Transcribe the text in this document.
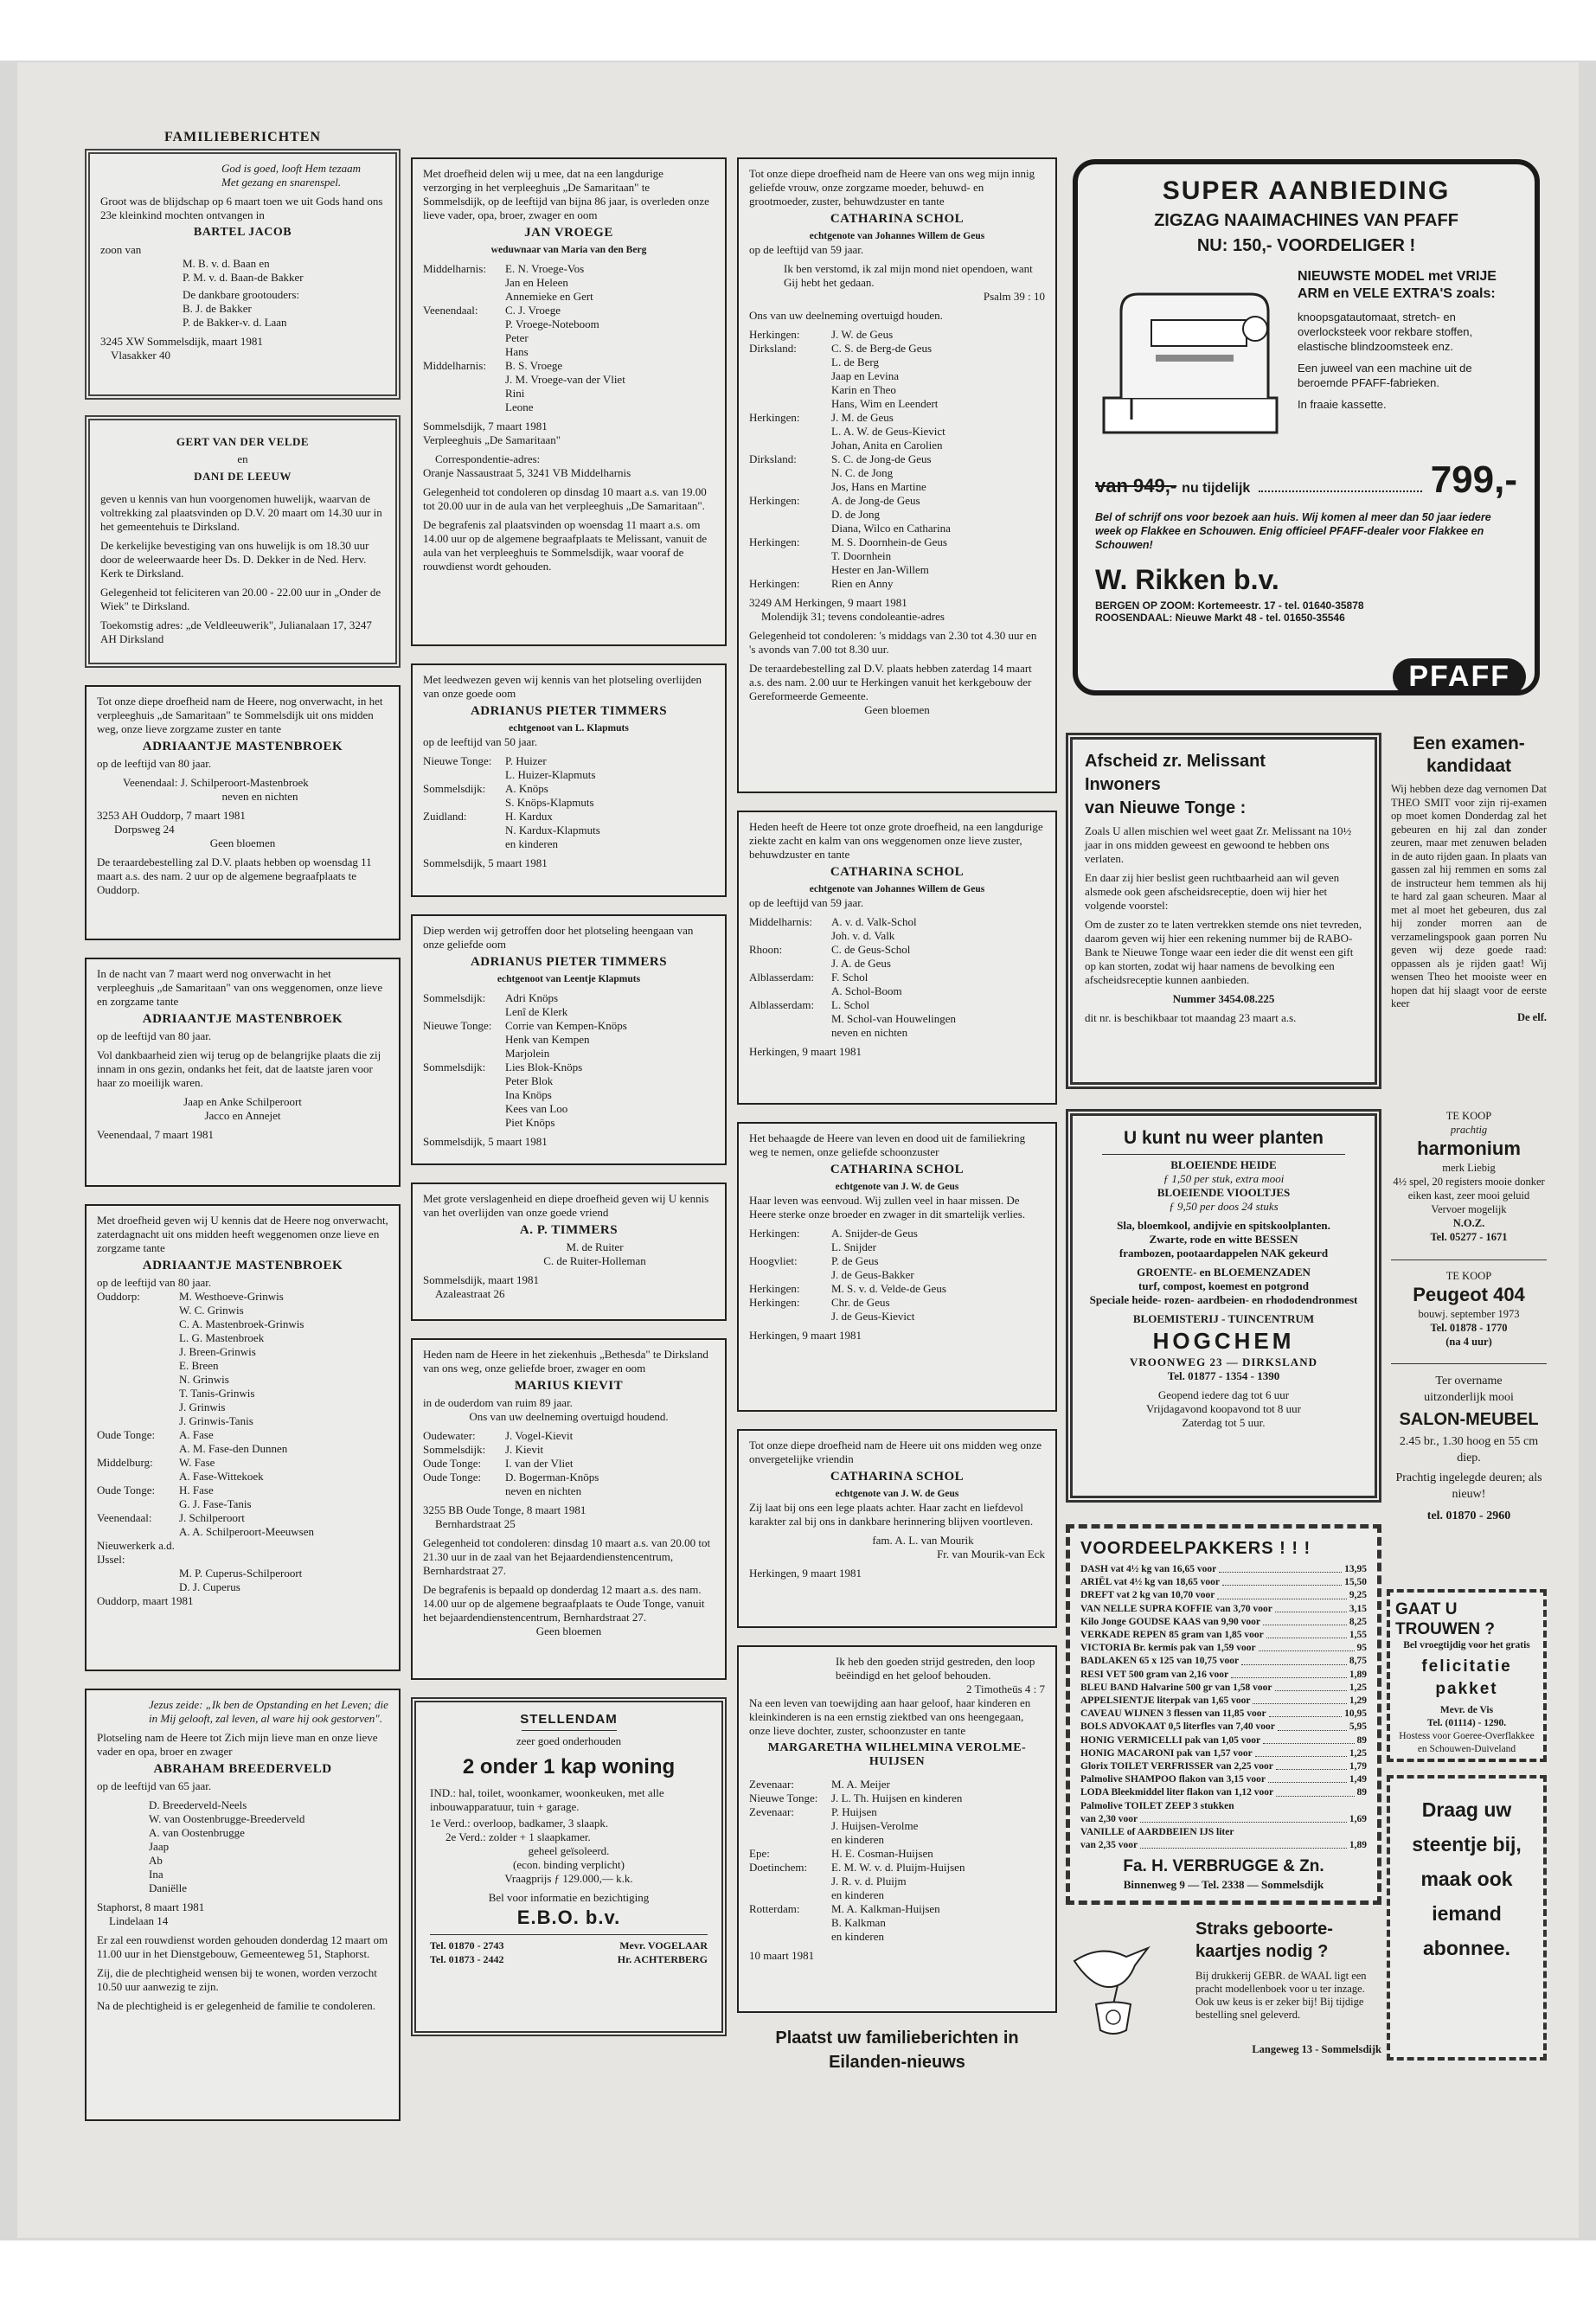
FAMILIEBERICHTEN
God is goed, looft Hem tezaam
Met gezang en snarenspel.
Groot was de blijdschap op 6 maart toen we uit Gods hand ons 23e kleinkind mochten ontvangen in
BARTEL JACOB
zoon van
M. B. v. d. Baan en
P. M. v. d. Baan-de Bakker
De dankbare grootouders:
B. J. de Bakker
P. de Bakker-v. d. Laan
3245 XW Sommelsdijk, maart 1981
Vlasakker 40
GERT VAN DER VELDE
en
DANI DE LEEUW
geven u kennis van hun voorgenomen huwelijk, waarvan de voltrekking zal plaatsvinden op D.V. 20 maart om 14.30 uur in het gemeentehuis te Dirksland.
De kerkelijke bevestiging van ons huwelijk is om 18.30 uur door de weleerwaarde heer Ds. D. Dekker in de Ned. Herv. Kerk te Dirksland.
Gelegenheid tot feliciteren van 20.00 - 22.00 uur in „Onder de Wiek" te Dirksland.
Toekomstig adres: „de Veldleeuwerik", Julianalaan 17, 3247 AH Dirksland
Tot onze diepe droefheid nam de Heere, nog onverwacht, in het verpleeghuis „de Samaritaan" te Sommelsdijk uit ons midden weg, onze lieve zorgzame zuster en tante
ADRIAANTJE MASTENBROEK
op de leeftijd van 80 jaar.
Veenendaal: J. Schilperoort-Mastenbroek
neven en nichten
3253 AH Ouddorp, 7 maart 1981
Dorpsweg 24
Geen bloemen
De teraardebestelling zal D.V. plaats hebben op woensdag 11 maart a.s. des nam. 2 uur op de algemene begraafplaats te Ouddorp.
In de nacht van 7 maart werd nog onverwacht in het verpleeghuis „de Samaritaan" van ons weggenomen, onze lieve en zorgzame tante
ADRIAANTJE MASTENBROEK
op de leeftijd van 80 jaar.
Vol dankbaarheid zien wij terug op de belangrijke plaats die zij innam in ons gezin, ondanks het feit, dat de laatste jaren voor haar zo moeilijk waren.
Jaap en Anke Schilperoort
Jacco en Annejet
Veenendaal, 7 maart 1981
Met droefheid geven wij U kennis dat de Heere nog onverwacht, zaterdagnacht uit ons midden heeft weggenomen onze lieve en zorgzame tante
ADRIAANTJE MASTENBROEK
op de leeftijd van 80 jaar.
Ouddorp:	M. Westhoeve-Grinwis
W. C. Grinwis
C. A. Mastenbroek-Grinwis
L. G. Mastenbroek
J. Breen-Grinwis
E. Breen
N. Grinwis
T. Tanis-Grinwis
J. Grinwis
J. Grinwis-Tanis
Oude Tonge:	A. Fase
A. M. Fase-den Dunnen
Middelburg:	W. Fase
A. Fase-Wittekoek
Oude Tonge:	H. Fase
G. J. Fase-Tanis
Veenendaal:	J. Schilperoort
A. A. Schilperoort-Meeuwsen
Nieuwerkerk a.d. IJssel:
M. P. Cuperus-Schilperoort
D. J. Cuperus
Ouddorp, maart 1981
Jezus zeide: „Ik ben de Opstanding en het Leven; die in Mij gelooft, zal leven, al ware hij ook gestorven".
Plotseling nam de Heere tot Zich mijn lieve man en onze lieve vader en opa, broer en zwager
ABRAHAM BREEDERVELD
op de leeftijd van 65 jaar.
D. Breederveld-Neels
W. van Oostenbrugge-Breederveld
A. van Oostenbrugge
Jaap
Ab
Ina
Daniëlle
Staphorst, 8 maart 1981
Lindelaan 14
Er zal een rouwdienst worden gehouden donderdag 12 maart om 11.00 uur in het Dienstgebouw, Gemeenteweg 51, Staphorst.
Zij, die de plechtigheid wensen bij te wonen, worden verzocht 10.50 uur aanwezig te zijn.
Na de plechtigheid is er gelegenheid de familie te condoleren.
Met droefheid delen wij u mee, dat na een langdurige verzorging in het verpleeghuis „De Samaritaan" te Sommelsdijk, op de leeftijd van bijna 86 jaar, is overleden onze lieve vader, opa, broer, zwager en oom
JAN VROEGE
weduwnaar van Maria van den Berg
Middelharnis:	E. N. Vroege-Vos
Jan en Heleen
Annemieke en Gert
Veenendaal:	C. J. Vroege
P. Vroege-Noteboom
Peter
Hans
Middelharnis:	B. S. Vroege
J. M. Vroege-van der Vliet
Rini
Leone
Sommelsdijk, 7 maart 1981
Verpleeghuis „De Samaritaan"
Correspondentie-adres:
Oranje Nassaustraat 5, 3241 VB Middelharnis
Gelegenheid tot condoleren op dinsdag 10 maart a.s. van 19.00 tot 20.00 uur in de aula van het verpleeghuis „De Samaritaan".
De begrafenis zal plaatsvinden op woensdag 11 maart a.s. om 14.00 uur op de algemene begraafplaats te Melissant, vanuit de aula van het verpleeghuis te Sommelsdijk, waar vooraf de rouwdienst wordt gehouden.
Met leedwezen geven wij kennis van het plotseling overlijden van onze goede oom
ADRIANUS PIETER TIMMERS
echtgenoot van L. Klapmuts
op de leeftijd van 50 jaar.
Nieuwe Tonge:	P. Huizer
L. Huizer-Klapmuts
Sommelsdijk:	A. Knöps
S. Knöps-Klapmuts
Zuidland:	H. Kardux
N. Kardux-Klapmuts
en kinderen
Sommelsdijk, 5 maart 1981
Diep werden wij getroffen door het plotseling heengaan van onze geliefde oom
ADRIANUS PIETER TIMMERS
echtgenoot van Leentje Klapmuts
Sommelsdijk:	Adri Knöps
Lenî de Klerk
Nieuwe Tonge:	Corrie van Kempen-Knöps
Henk van Kempen
Marjolein
Sommelsdijk:	Lies Blok-Knöps
Peter Blok
Ina Knöps
Kees van Loo
Piet Knöps
Sommelsdijk, 5 maart 1981
Met grote verslagenheid en diepe droefheid geven wij U kennis van het overlijden van onze goede vriend
A. P. TIMMERS
M. de Ruiter
C. de Ruiter-Holleman
Sommelsdijk, maart 1981
Azaleastraat 26
Heden nam de Heere in het ziekenhuis „Bethesda" te Dirksland van ons weg, onze geliefde broer, zwager en oom
MARIUS KIEVIT
in de ouderdom van ruim 89 jaar.
Ons van uw deelneming overtuigd houdend.
Oudewater:	J. Vogel-Kievit
Sommelsdijk:	J. Kievit
Oude Tonge:	I. van der Vliet
Oude Tonge:	D. Bogerman-Knöps
neven en nichten
3255 BB Oude Tonge, 8 maart 1981
Bernhardstraat 25
Gelegenheid tot condoleren: dinsdag 10 maart a.s. van 20.00 tot 21.30 uur in de zaal van het Bejaardendienstencentrum, Bernhardstraat 27.
De begrafenis is bepaald op donderdag 12 maart a.s. des nam. 14.00 uur op de algemene begraafplaats te Oude Tonge, vanuit het bejaardendienstencentrum, Bernhardstraat 27.
Geen bloemen
STELLENDAM
zeer goed onderhouden
2 onder 1 kap woning
IND.: hal, toilet, woonkamer, woonkeuken, met alle inbouwapparatuur, tuin + garage.
1e Verd.: overloop, badkamer, 3 slaapk.
2e Verd.: zolder + 1 slaapkamer.
geheel geïsoleerd.
(econ. binding verplicht)
Vraagprijs ƒ 129.000,— k.k.
Bel voor informatie en bezichtiging
E.B.O. b.v.
Tel. 01870 - 2743	Mevr. VOGELAAR
Tel. 01873 - 2442	Hr. ACHTERBERG
Tot onze diepe droefheid nam de Heere van ons weg mijn innig geliefde vrouw, onze zorgzame moeder, behuwd- en grootmoeder, zuster, behuwdzuster en tante
CATHARINA SCHOL
echtgenote van Johannes Willem de Geus
op de leeftijd van 59 jaar.
Ik ben verstomd, ik zal mijn mond niet opendoen, want Gij hebt het gedaan.
Psalm 39 : 10
Ons van uw deelneming overtuigd houden.
Herkingen:	J. W. de Geus
Dirksland:	C. S. de Berg-de Geus
L. de Berg
Jaap en Levina
Karin en Theo
Hans, Wim en Leendert
Herkingen:	J. M. de Geus
L. A. W. de Geus-Kievict
Johan, Anita en Carolien
Dirksland:	S. C. de Jong-de Geus
N. C. de Jong
Jos, Hans en Martine
Herkingen:	A. de Jong-de Geus
D. de Jong
Diana, Wilco en Catharina
Herkingen:	M. S. Doornhein-de Geus
T. Doornhein
Hester en Jan-Willem
Herkingen:	Rien en Anny
3249 AM Herkingen, 9 maart 1981
Molendijk 31; tevens condoleantie-adres
Gelegenheid tot condoleren: 's middags van 2.30 tot 4.30 uur en 's avonds van 7.00 tot 8.30 uur.
De teraardebestelling zal D.V. plaats hebben zaterdag 14 maart a.s. des nam. 2.00 uur te Herkingen vanuit het kerkgebouw der Gereformeerde Gemeente.
Geen bloemen
Heden heeft de Heere tot onze grote droefheid, na een langdurige ziekte zacht en kalm van ons weggenomen onze lieve zuster, behuwdzuster en tante
CATHARINA SCHOL
echtgenote van Johannes Willem de Geus
op de leeftijd van 59 jaar.
Middelharnis:	A. v. d. Valk-Schol
Joh. v. d. Valk
Rhoon:	C. de Geus-Schol
J. A. de Geus
Alblasserdam:	F. Schol
A. Schol-Boom
Alblasserdam:	L. Schol
M. Schol-van Houwelingen
neven en nichten
Herkingen, 9 maart 1981
Het behaagde de Heere van leven en dood uit de familiekring weg te nemen, onze geliefde schoonzuster
CATHARINA SCHOL
echtgenote van J. W. de Geus
Haar leven was eenvoud. Wij zullen veel in haar missen. De Heere sterke onze broeder en zwager in dit smartelijk verlies.
Herkingen:	A. Snijder-de Geus
L. Snijder
Hoogvliet:	P. de Geus
J. de Geus-Bakker
Herkingen:	M. S. v. d. Velde-de Geus
Herkingen:	Chr. de Geus
J. de Geus-Kievict
Herkingen, 9 maart 1981
Tot onze diepe droefheid nam de Heere uit ons midden weg onze onvergetelijke vriendin
CATHARINA SCHOL
echtgenote van J. W. de Geus
Zij laat bij ons een lege plaats achter. Haar zacht en liefdevol karakter zal bij ons in dankbare herinnering blijven voortleven.
fam. A. L. van Mourik
Fr. van Mourik-van Eck
Herkingen, 9 maart 1981
Ik heb den goeden strijd gestreden, den loop beëindigd en het geloof behouden.
2 Timotheüs 4 : 7
Na een leven van toewijding aan haar geloof, haar kinderen en kleinkinderen is na een ernstig ziektbed van ons heengegaan, onze lieve dochter, zuster, schoonzuster en tante
MARGARETHA WILHELMINA VEROLME-HUIJSEN
Zevenaar:	M. A. Meijer
Nieuwe Tonge:	J. L. Th. Huijsen en kinderen
Zevenaar:	P. Huijsen
J. Huijsen-Verolme
en kinderen
Epe:	H. E. Cosman-Huijsen
Doetinchem:	E. M. W. v. d. Pluijm-Huijsen
J. R. v. d. Pluijm
en kinderen
Rotterdam:	M. A. Kalkman-Huijsen
B. Kalkman
en kinderen
10 maart 1981
Plaatst uw familieberichten in Eilanden-nieuws
SUPER AANBIEDING
ZIGZAG NAAIMACHINES VAN PFAFF
NU: 150,- VOORDELIGER !
NIEUWSTE MODEL met VRIJE ARM en VELE EXTRA'S zoals:
knoopsgatautomaat, stretch- en overlocksteek voor rekbare stoffen, elastische blindzoomsteek enz.
Een juweel van een machine uit de beroemde PFAFF-fabrieken.
In fraaie kassette.
van 949,- nu tijdelijk	799,-
Bel of schrijf ons voor bezoek aan huis. Wij komen al meer dan 50 jaar iedere week op Flakkee en Schouwen. Enig officieel PFAFF-dealer voor Flakkee en Schouwen!
W. Rikken b.v.
BERGEN OP ZOOM: Kortemeestr. 17 - tel. 01640-35878
ROOSENDAAL: Nieuwe Markt 48 - tel. 01650-35546
PFAFF
Afscheid zr. Melissant
Inwoners
van Nieuwe Tonge :
Zoals U allen mischien wel weet gaat Zr. Melissant na 10½ jaar in ons midden geweest en gewoond te hebben ons verlaten.
En daar zij hier beslist geen ruchtbaarheid aan wil geven alsmede ook geen afscheidsreceptie, doen wij hier het volgende voorstel:
Om de zuster zo te laten vertrekken stemde ons niet tevreden, daarom geven wij hier een rekening nummer bij de RABO-Bank te Nieuwe Tonge waar een ieder die dit wenst een gift op kan storten, zodat wij haar namens de bevolking een afscheidsreceptie kunnen aanbieden.
Nummer 3454.08.225
dit nr. is beschikbaar tot maandag 23 maart a.s.
Een examen-kandidaat
Wij hebben deze dag vernomen Dat THEO SMIT voor zijn rij-examen op moet komen Donderdag zal het gebeuren en hij zal dan zonder zeuren, maar met zenuwen beladen in de auto rijden gaan. In plaats van gassen zal hij remmen en soms zal de instructeur hem temmen als hij te hard zal gaan scheuren. Maar al met al moet het gebeuren, dus zal hij zonder morren aan de verzamelingspook gaan porren Nu geven wij deze goede raad: oppassen als je rijden gaat! Wij wensen Theo het mooiste weer en hopen dat hij slaagt voor de eerste keer
De elf.
U kunt nu weer planten
BLOEIENDE HEIDE
ƒ 1,50 per stuk, extra mooi
BLOEIENDE VIOOLTJES
ƒ 9,50 per doos 24 stuks
Sla, bloemkool, andijvie en spitskoolplanten.
Zwarte, rode en witte BESSEN
frambozen, pootaardappelen NAK gekeurd
GROENTE- en BLOEMENZADEN
turf, compost, koemest en potgrond
Speciale heide- rozen- aardbeien- en rhododendronmest
BLOEMISTERIJ - TUINCENTRUM
HOGCHEM
VROONWEG 23 — DIRKSLAND
Tel. 01877 - 1354 - 1390
Geopend iedere dag tot 6 uur
Vrijdagavond koopavond tot 8 uur
Zaterdag tot 5 uur.
TE KOOP
prachtig
harmonium
merk Liebig
4½ spel, 20 registers mooie donker eiken kast, zeer mooi geluid
Vervoer mogelijk
N.O.Z.
Tel. 05277 - 1671
TE KOOP
Peugeot 404
bouwj. september 1973
Tel. 01878 - 1770
(na 4 uur)
Ter overname
uitzonderlijk mooi
SALON-MEUBEL
2.45 br., 1.30 hoog en 55 cm diep.
Prachtig ingelegde deuren; als nieuw!
tel. 01870 - 2960
VOORDEELPAKKERS ! ! !
DASH vat 4½ kg van 16,65 voor	13,95
ARIËL vat 4½ kg van 18,65 voor	15,50
DREFT vat 2 kg van 10,70 voor	9,25
VAN NELLE SUPRA KOFFIE van 3,70 voor	3,15
Kilo Jonge GOUDSE KAAS van 9,90 voor	8,25
VERKADE REPEN 85 gram van 1,85 voor	1,55
VICTORIA Br. kermis pak van 1,59 voor	95
BADLAKEN 65 x 125 van 10,75 voor	8,75
RESI VET 500 gram van 2,16 voor	1,89
BLEU BAND Halvarine 500 gr van 1,58 voor	1,25
APPELSIENTJE literpak van 1,65 voor	1,29
CAVEAU WIJNEN 3 flessen van 11,85 voor	10,95
BOLS ADVOKAAT 0,5 literfles van 7,40 voor	5,95
HONIG VERMICELLI pak van 1,05 voor	89
HONIG MACARONI pak van 1,57 voor	1,25
Glorix TOILET VERFRISSER van 2,25 voor	1,79
Palmolive SHAMPOO flakon van 3,15 voor	1,49
LODA Bleekmiddel liter flakon van 1,12 voor	89
Palmolive TOILET ZEEP 3 stukken
van 2,30 voor	1,69
VANILLE of AARDBEIEN IJS liter
van 2,35 voor	1,89
Fa. H. VERBRUGGE & Zn.
Binnenweg 9 — Tel. 2338 — Sommelsdijk
GAAT U TROUWEN ?
Bel vroegtijdig voor het gratis
felicitatie pakket
Mevr. de Vis
Tel. (01114) - 1290.
Hostess voor Goeree-Overflakkee en Schouwen-Duiveland
Straks geboorte-kaartjes nodig ?
Bij drukkerij GEBR. de WAAL ligt een pracht modellenboek voor u ter inzage. Ook uw keus is er zeker bij! Bij tijdige bestelling snel geleverd.
Langeweg 13 - Sommelsdijk
Draag uw steentje bij, maak ook iemand abonnee.
